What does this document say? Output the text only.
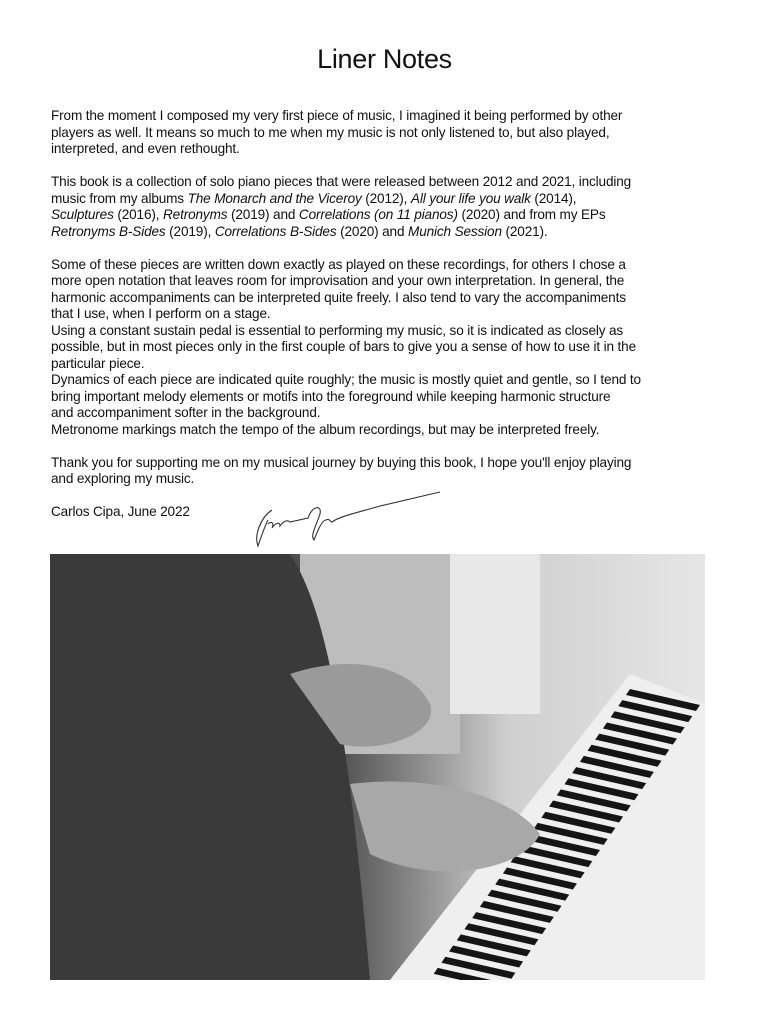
Liner Notes
From the moment I composed my very first piece of music, I imagined it being performed by other
players as well. It means so much to me when my music is not only listened to, but also played,
interpreted, and even rethought.
This book is a collection of solo piano pieces that were released between 2012 and 2021, including
music from my albums The Monarch and the Viceroy (2012), All your life you walk (2014),
Sculptures (2016), Retronyms (2019) and Correlations (on 11 pianos) (2020) and from my EPs
Retronyms B-Sides (2019), Correlations B-Sides (2020) and Munich Session (2021).
Some of these pieces are written down exactly as played on these recordings, for others I chose a
more open notation that leaves room for improvisation and your own interpretation. In general, the
harmonic accompaniments can be interpreted quite freely. I also tend to vary the accompaniments
that I use, when I perform on a stage.
Using a constant sustain pedal is essential to performing my music, so it is indicated as closely as
possible, but in most pieces only in the first couple of bars to give you a sense of how to use it in the
particular piece.
Dynamics of each piece are indicated quite roughly; the music is mostly quiet and gentle, so I tend to
bring important melody elements or motifs into the foreground while keeping harmonic structure
and accompaniment softer in the background.
Metronome markings match the tempo of the album recordings, but may be interpreted freely.
Thank you for supporting me on my musical journey by buying this book, I hope you'll enjoy playing
and exploring my music.
Carlos Cipa, June 2022
